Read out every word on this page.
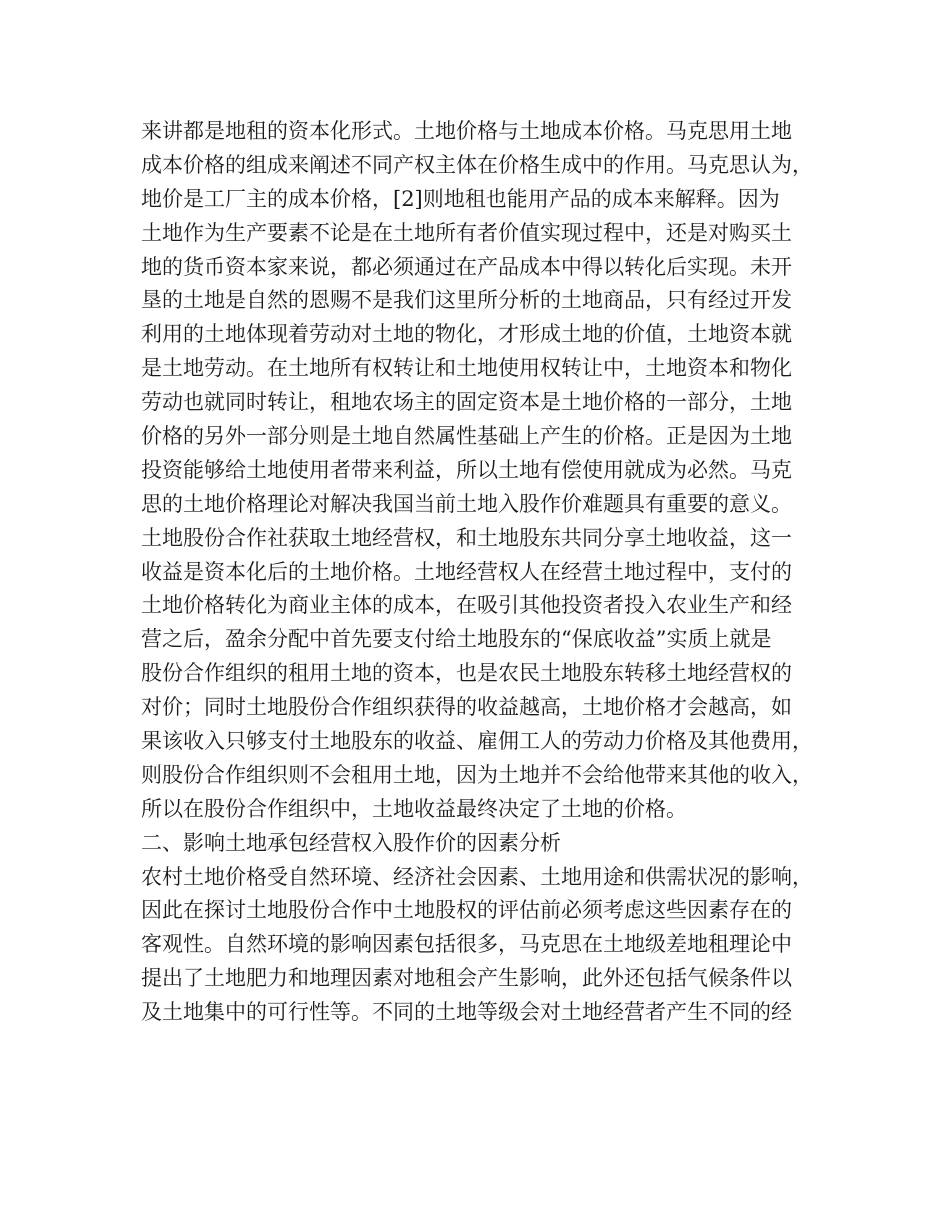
来讲都是地租的资本化形式。土地价格与土地成本价格。马克思用土地
成本价格的组成来阐述不同产权主体在价格生成中的作用。马克思认为，
地价是工厂主的成本价格，[2]则地租也能用产品的成本来解释。因为
土地作为生产要素不论是在土地所有者价值实现过程中，还是对购买土
地的货币资本家来说，都必须通过在产品成本中得以转化后实现。未开
垦的土地是自然的恩赐不是我们这里所分析的土地商品，只有经过开发
利用的土地体现着劳动对土地的物化，才形成土地的价值，土地资本就
是土地劳动。在土地所有权转让和土地使用权转让中，土地资本和物化
劳动也就同时转让，租地农场主的固定资本是土地价格的一部分，土地
价格的另外一部分则是土地自然属性基础上产生的价格。正是因为土地
投资能够给土地使用者带来利益，所以土地有偿使用就成为必然。马克
思的土地价格理论对解决我国当前土地入股作价难题具有重要的意义。
土地股份合作社获取土地经营权，和土地股东共同分享土地收益，这一
收益是资本化后的土地价格。土地经营权人在经营土地过程中，支付的
土地价格转化为商业主体的成本，在吸引其他投资者投入农业生产和经
营之后，盈余分配中首先要支付给土地股东的“保底收益”实质上就是
股份合作组织的租用土地的资本，也是农民土地股东转移土地经营权的
对价；同时土地股份合作组织获得的收益越高，土地价格才会越高，如
果该收入只够支付土地股东的收益、雇佣工人的劳动力价格及其他费用，
则股份合作组织则不会租用土地，因为土地并不会给他带来其他的收入，
所以在股份合作组织中，土地收益最终决定了土地的价格。
二、影响土地承包经营权入股作价的因素分析
农村土地价格受自然环境、经济社会因素、土地用途和供需状况的影响，
因此在探讨土地股份合作中土地股权的评估前必须考虑这些因素存在的
客观性。自然环境的影响因素包括很多，马克思在土地级差地租理论中
提出了土地肥力和地理因素对地租会产生影响，此外还包括气候条件以
及土地集中的可行性等。不同的土地等级会对土地经营者产生不同的经
